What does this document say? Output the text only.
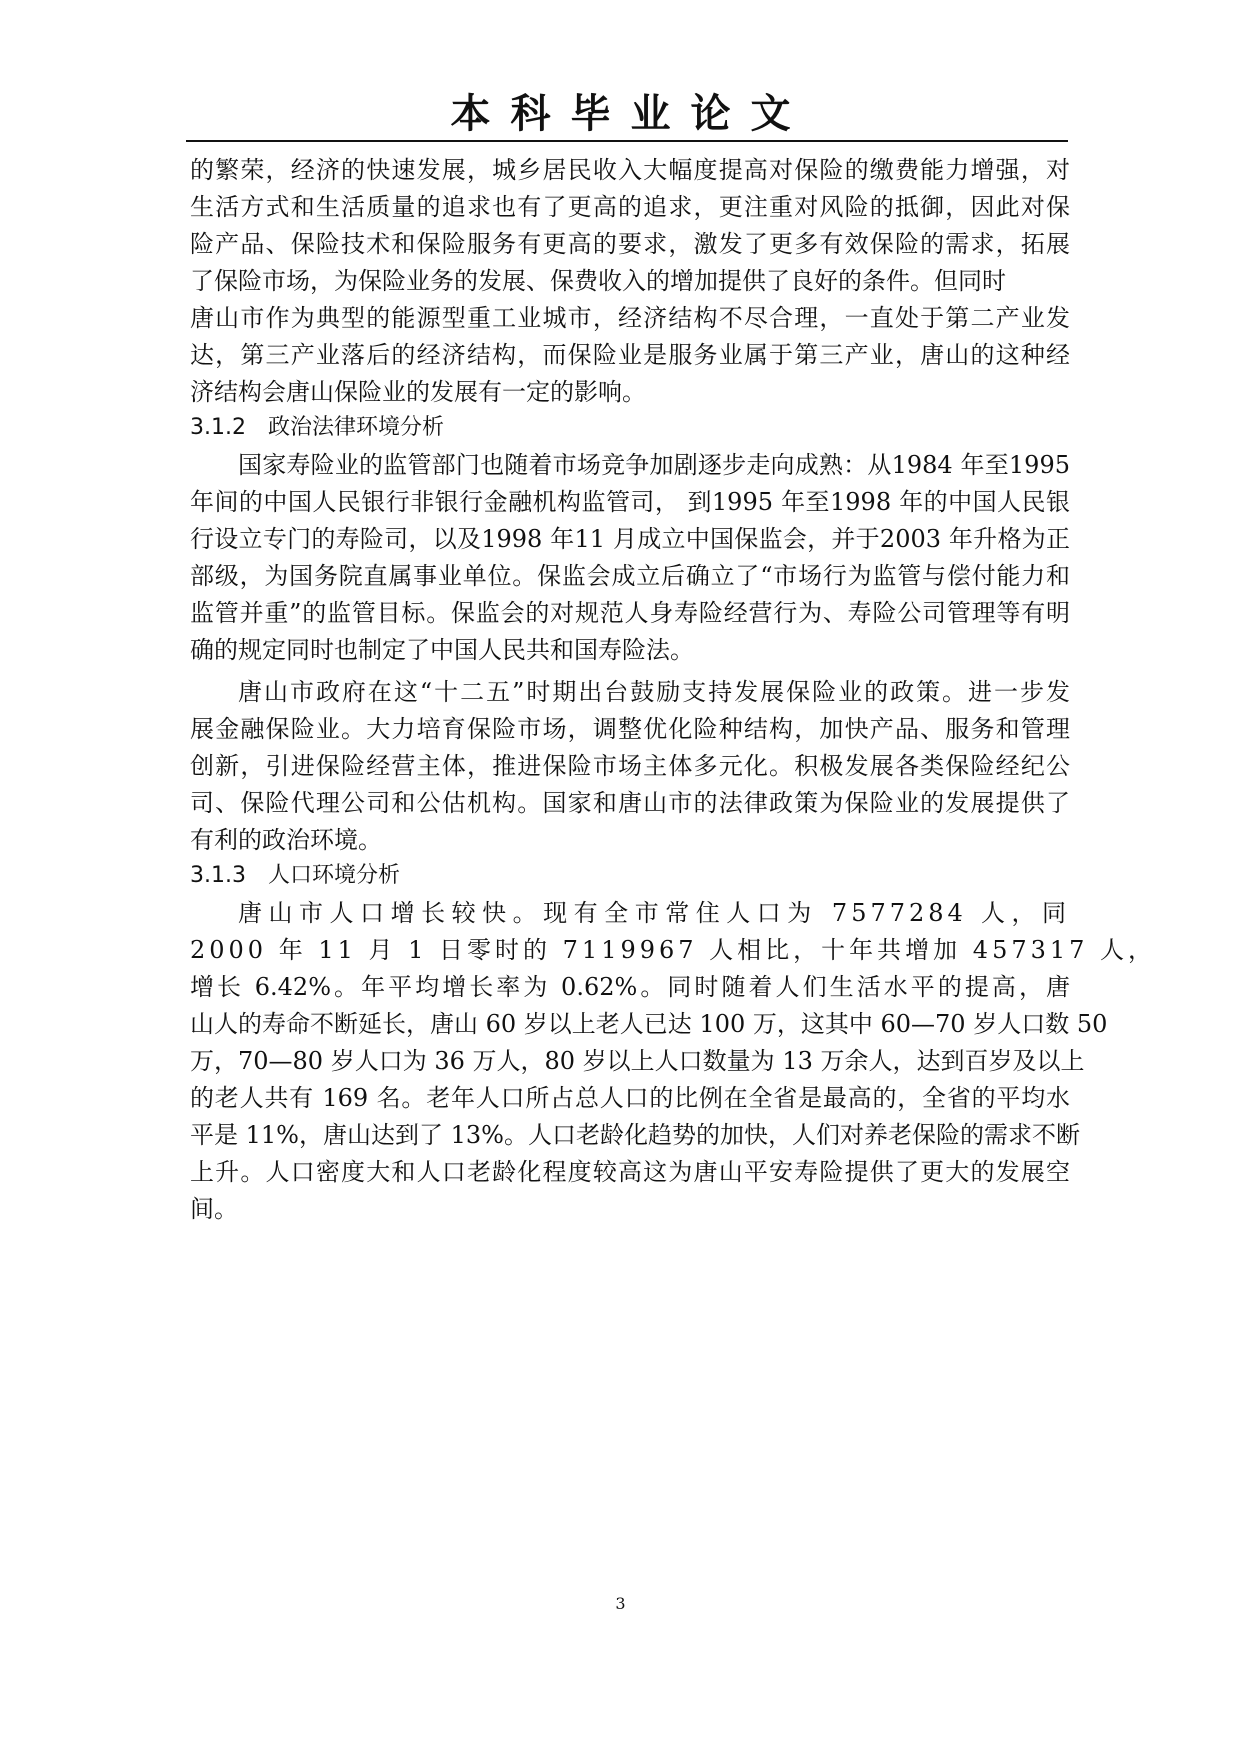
本科毕业论文
的繁荣，经济的快速发展，城乡居民收入大幅度提高对保险的缴费能力增强，对
生活方式和生活质量的追求也有了更高的追求，更注重对风险的抵御，因此对保
险产品、保险技术和保险服务有更高的要求，激发了更多有效保险的需求，拓展
了保险市场，为保险业务的发展、保费收入的增加提供了良好的条件。但同时
唐山市作为典型的能源型重工业城市，经济结构不尽合理，一直处于第二产业发
达，第三产业落后的经济结构，而保险业是服务业属于第三产业，唐山的这种经
济结构会唐山保险业的发展有一定的影响。
3.1.2　政治法律环境分析
国家寿险业的监管部门也随着市场竞争加剧逐步走向成熟：从1984 年至1995
年间的中国人民银行非银行金融机构监管司， 到1995 年至1998 年的中国人民银
行设立专门的寿险司，以及1998 年11 月成立中国保监会，并于2003 年升格为正
部级，为国务院直属事业单位。保监会成立后确立了“市场行为监管与偿付能力和
监管并重”的监管目标。保监会的对规范人身寿险经营行为、寿险公司管理等有明
确的规定同时也制定了中国人民共和国寿险法。
唐山市政府在这“十二五”时期出台鼓励支持发展保险业的政策。进一步发
展金融保险业。大力培育保险市场，调整优化险种结构，加快产品、服务和管理
创新，引进保险经营主体，推进保险市场主体多元化。积极发展各类保险经纪公
司、保险代理公司和公估机构。国家和唐山市的法律政策为保险业的发展提供了
有利的政治环境。
3.1.3　人口环境分析
唐山市人口增长较快。现有全市常住人口为 7577284 人，同
2000 年 11 月 1 日零时的 7119967 人相比，十年共增加 457317 人，
增长 6.42%。年平均增长率为 0.62%。同时随着人们生活水平的提高，唐
山人的寿命不断延长，唐山 60 岁以上老人已达 100 万，这其中 60—70 岁人口数 50
万，70—80 岁人口为 36 万人，80 岁以上人口数量为 13 万余人，达到百岁及以上
的老人共有 169 名。老年人口所占总人口的比例在全省是最高的，全省的平均水
平是 11%，唐山达到了 13%。人口老龄化趋势的加快，人们对养老保险的需求不断
上升。人口密度大和人口老龄化程度较高这为唐山平安寿险提供了更大的发展空
间。
3
